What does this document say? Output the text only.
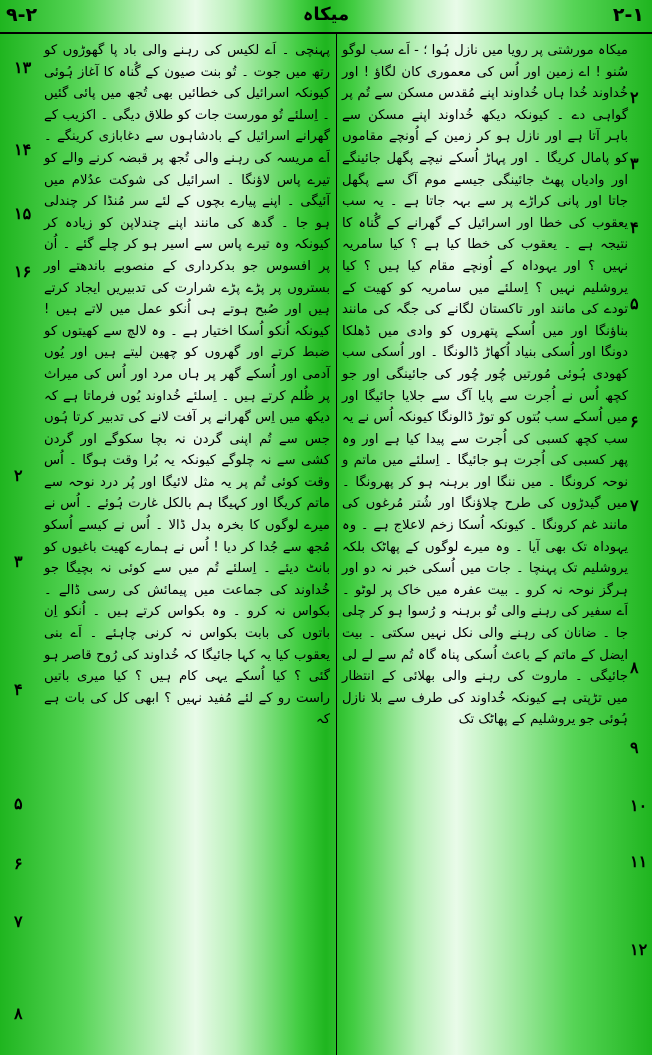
۹-۲	میکاہ	۲-۱

میکاہ مورشتی پر رویا میں نازل ہُوا ؛ - اَے سب لوگو سُنو ! اے زمین اور اُس کی معموری کان لگاؤ ! اور خُداوند خُدا ہاں خُداوند اپنے مُقدس مسکن سے تُم پر گواہی دے ۔ کیونکہ دیکھ خُداوند اپنے مسکن سے باہر آتا ہے اور نازل ہو کر زمین کے اُونچے مقاموں کو پامال کریگا ۔ اور پہاڑ اُسکے نیچے پگھل جائینگے اور وادیاں پھٹ جائینگی جیسے موم آگ سے پگھل جاتا اور پانی کراڑے پر سے بہہ جاتا ہے ۔ یہ سب یعقوب کی خطا اور اسرائیل کے گھرانے کے گُناہ کا نتیجہ ہے ۔ یعقوب کی خطا کیا ہے ؟ کیا سامریہ نہیں ؟ اور یہوداہ کے اُونچے مقام کیا ہیں ؟ کیا یروشلیم نہیں ؟ اِسلئے میں سامریہ کو کھیت کے تودے کی مانند اور تاکستان لگانے کی جگہ کی مانند بناؤنگا اور میں اُسکے پتھروں کو وادی میں ڈھلکا دونگا اور اُسکی بنیاد اُکھاڑ ڈالونگا ۔ اور اُسکی سب کھودی ہُوئی مُورتیں چُور چُور کی جائینگی اور جو کچھ اُس نے اُجرت سے پایا آگ سے جلایا جائیگا اور میں اُسکے سب بُتوں کو توڑ ڈالونگا کیونکہ اُس نے یہ سب کچھ کسبی کی اُجرت سے پیدا کیا ہے اور وہ پھر کسبی کی اُجرت ہو جائیگا ۔ اِسلئے میں ماتم و نوحہ کرونگا ۔ میں ننگا اور برہنہ ہو کر پھرونگا ۔ میں گیدڑوں کی طرح چلاؤنگا اور شُتر مُرغوں کی مانند غم کرونگا ۔ کیونکہ اُسکا زخم لاعلاج ہے ۔ وہ یہوداہ تک بھی آیا ۔ وہ میرے لوگوں کے پھاٹک بلکہ یروشلیم تک پہنچا ۔ جات میں اُسکی خبر نہ دو اور ہرگز نوحہ نہ کرو ۔ بیت عفرہ میں خاک پر لوٹو ۔ اَے سفیر کی رہنے والی تُو برہنہ و رُسوا ہو کر چلی جا ۔ ضانان کی رہنے والی نکل نہیں سکتی ۔ بیت ایضل کے ماتم کے باعث اُسکی پناہ گاہ تُم سے لے لی جائیگی ۔ ماروت کی رہنے والی بھلائی کے انتظار میں تڑپتی ہے کیونکہ خُداوند کی طرف سے بلا نازل ہُوئی جو یروشلیم کے پھاٹک تک

پہنچی ۔ اَے لکیس کی رہنے والی باد پا گھوڑوں کو رتھ میں جوت ۔ تُو بنت صیون کے گُناہ کا آغاز ہُوئی کیونکہ اسرائیل کی خطائیں بھی تُجھ میں پائی گئیں ۔ اِسلئے تُو مورست جات کو طلاق دیگی ۔ اکزیب کے گھرانے اسرائیل کے بادشاہوں سے دغابازی کرینگے ۔ اَے مریسہ کی رہنے والی تُجھ پر قبضہ کرنے والے کو تیرے پاس لاؤنگا ۔ اسرائیل کی شوکت عدُلام میں آئیگی ۔ اپنے پیارے بچوں کے لئے سر مُنڈا کر چندلی ہو جا ۔ گدھ کی مانند اپنے چندلاپن کو زیادہ کر کیونکہ وہ تیرے پاس سے اسیر ہو کر چلے گئے ۔ اُن پر افسوس جو بدکرداری کے منصوبے باندھتے اور بستروں پر پڑے پڑے شرارت کی تدبیریں ایجاد کرتے ہیں اور صُبح ہوتے ہی اُنکو عمل میں لاتے ہیں ! کیونکہ اُنکو اُسکا اختیار ہے ۔ وہ لالچ سے کھیتوں کو ضبط کرتے اور گھروں کو چھین لیتے ہیں اور یُوں آدمی اور اُسکے گھر پر ہاں مرد اور اُس کی میراث پر ظُلم کرتے ہیں ۔ اِسلئے خُداوند یُوں فرماتا ہے کہ دیکھ میں اِس گھرانے پر آفت لانے کی تدبیر کرتا ہُوں جس سے تُم اپنی گردن نہ بچا سکوگے اور گردن کشی سے نہ چلوگے کیونکہ یہ بُرا وقت ہوگا ۔ اُس وقت کوئی تُم پر یہ مثل لائیگا اور پُر درد نوحہ سے ماتم کریگا اور کہیگا ہم بالکل غارت ہُوئے ۔ اُس نے میرے لوگوں کا بخرہ بدل ڈالا ۔ اُس نے کیسے اُسکو مُجھ سے جُدا کر دیا ! اُس نے ہمارے کھیت باغیوں کو بانٹ دیئے ۔ اِسلئے تُم میں سے کوئی نہ بچیگا جو خُداوند کی جماعت میں پیمائش کی رسی ڈالے ۔ بکواس نہ کرو ۔ وہ بکواس کرتے ہیں ۔ اُنکو اِن باتوں کی بابت بکواس نہ کرنی چاہئے ۔ اَے بنی یعقوب کیا یہ کہا جائیگا کہ خُداوند کی رُوح قاصر ہو گئی ؟ کیا اُسکے یہی کام ہیں ؟ کیا میری باتیں راست رو کے لئے مُفید نہیں ؟ ابھی کل کی بات ہے کہ

۲
۳
۴
۵
۶
۷
۸
۹
۱۰
۱۱
۱۲
۱۳
۱۴
۱۵
۱۶
۲
۳
۴
۵
۶
۷
۸
